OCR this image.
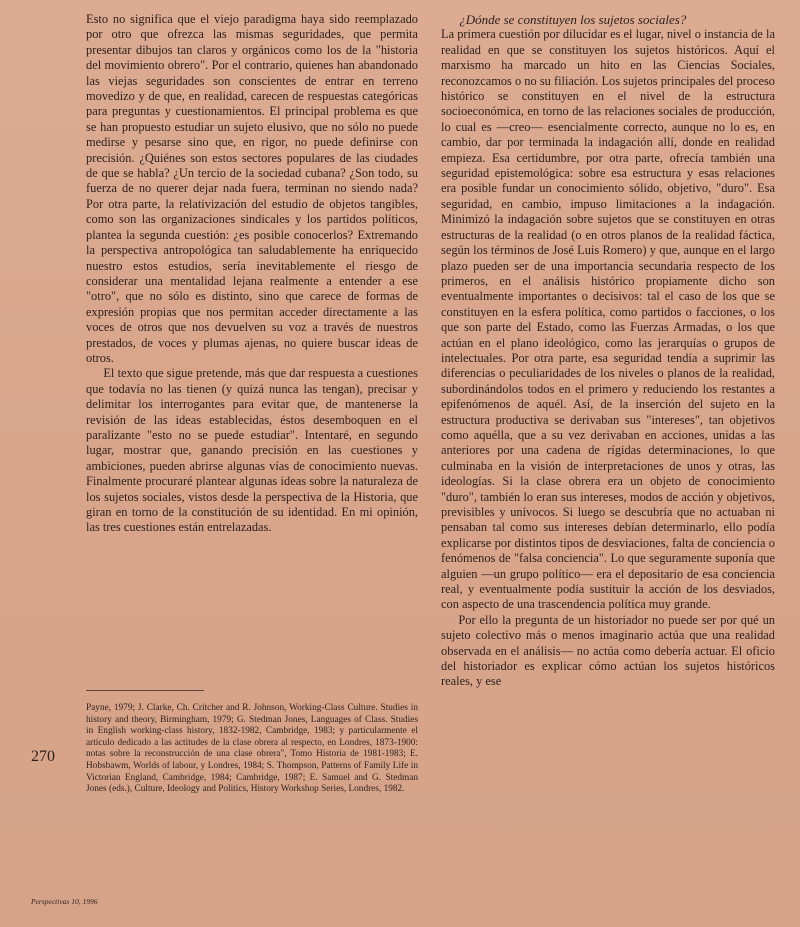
Esto no significa que el viejo paradigma haya sido reemplazado por otro que ofrezca las mismas seguridades, que permita presentar dibujos tan claros y orgánicos como los de la "historia del movimiento obrero". Por el contrario, quienes han abandonado las viejas seguridades son conscientes de entrar en terreno movedizo y de que, en realidad, carecen de respuestas categóricas para preguntas y cuestionamientos. El principal problema es que se han propuesto estudiar un sujeto elusivo, que no sólo no puede medirse y pesarse sino que, en rigor, no puede definirse con precisión. ¿Quiénes son estos sectores populares de las ciudades de que se habla? ¿Un tercio de la sociedad cubana? ¿Son todo, su fuerza de no querer dejar nada fuera, terminan no siendo nada? Por otra parte, la relativización del estudio de objetos tangibles, como son las organizaciones sindicales y los partidos políticos, plantea la segunda cuestión: ¿es posible conocerlos? Extremando la perspectiva antropológica tan saludablemente ha enriquecido nuestro estos estudios, sería inevitablemente el riesgo de considerar una mentalidad lejana realmente a entender a ese "otro", que no sólo es distinto, sino que carece de formas de expresión propias que nos permitan acceder directamente a las voces de otros que nos devuelven su voz a través de nuestros prestados, de voces y plumas ajenas, no quiere buscar ideas de otros.

El texto que sigue pretende, más que dar respuesta a cuestiones que todavía no las tienen (y quizá nunca las tengan), precisar y delimitar los interrogantes para evitar que, de mantenerse la revisión de las ideas establecidas, éstos desemboquen en el paralizante "esto no se puede estudiar". Intentaré, en segundo lugar, mostrar que, ganando precisión en las cuestiones y ambiciones, pueden abrirse algunas vías de conocimiento nuevas. Finalmente procuraré plantear algunas ideas sobre la naturaleza de los sujetos sociales, vistos desde la perspectiva de la Historia, que giran en torno de la constitución de su identidad. En mi opinión, las tres cuestiones están entrelazadas.

Payne, 1979; J. Clarke, Ch. Critcher and R. Johnson, Working-Class Culture. Studies in history and theory, Birmingham, 1979; G. Stedman Jones, Languages of Class. Studies in English working-class history, 1832-1982, Cambridge, 1983; y particularmente el artículo dedicado a las actitudes de la clase obrera al respecto, en Londres, 1873-1900: notas sobre la reconstrucción de una clase obrera", Tomo Historia de 1981-1983; E. Hobsbawm, Worlds of labour, y Londres, 1984; S. Thompson, Patterns of Family Life in Victorian England, Cambridge, 1984; Cambridge, 1987; E. Samuel and G. Stedman Jones (eds.), Culture, Ideology and Politics, History Workshop Series, Londres, 1982.
270
Perspectivas 10, 1996

¿Dónde se constituyen los sujetos sociales?

La primera cuestión por dilucidar es el lugar, nivel o instancia de la realidad en que se constituyen los sujetos históricos. Aquí el marxismo ha marcado un hito en las Ciencias Sociales, reconozcamos o no su filiación. Los sujetos principales del proceso histórico se constituyen en el nivel de la estructura socioeconómica, en torno de las relaciones sociales de producción, lo cual es —creo— esencialmente correcto, aunque no lo es, en cambio, dar por terminada la indagación allí, donde en realidad empieza. Esa certidumbre, por otra parte, ofrecía también una seguridad epistemológica: sobre esa estructura y esas relaciones era posible fundar un conocimiento sólido, objetivo, "duro". Esa seguridad, en cambio, impuso limitaciones a la indagación. Minimizó la indagación sobre sujetos que se constituyen en otras estructuras de la realidad (o en otros planos de la realidad fáctica, según los términos de José Luis Romero) y que, aunque en el largo plazo pueden ser de una importancia secundaria respecto de los primeros, en el análisis histórico propiamente dicho son eventualmente importantes o decisivos: tal el caso de los que se constituyen en la esfera política, como partidos o facciones, o los que son parte del Estado, como las Fuerzas Armadas, o los que actúan en el plano ideológico, como las jerarquías o grupos de intelectuales. Por otra parte, esa seguridad tendía a suprimir las diferencias o peculiaridades de los niveles o planos de la realidad, subordinándolos todos en el primero y reduciendo los restantes a epifenómenos de aquél. Así, de la inserción del sujeto en la estructura productiva se derivaban sus "intereses", tan objetivos como aquélla, que a su vez derivaban en acciones, unidas a las anteriores por una cadena de rígidas determinaciones, lo que culminaba en la visión de interpretaciones de unos y otras, las ideologías. Si la clase obrera era un objeto de conocimiento "duro", también lo eran sus intereses, modos de acción y objetivos, previsibles y unívocos. Si luego se descubría que no actuaban ni pensaban tal como sus intereses debían determinarlo, ello podía explicarse por distintos tipos de desviaciones, falta de conciencia o fenómenos de "falsa conciencia". Lo que seguramente suponía que alguien —un grupo político— era el depositario de esa conciencia real, y eventualmente podía sustituir la acción de los desviados, con aspecto de una trascendencia política muy grande.

Por ello la pregunta de un historiador no puede ser por qué un sujeto colectivo más o menos imaginario actúa que una realidad observada en el análisis— no actúa como debería actuar. El oficio del historiador es explicar cómo actúan los sujetos históricos reales, y ese
